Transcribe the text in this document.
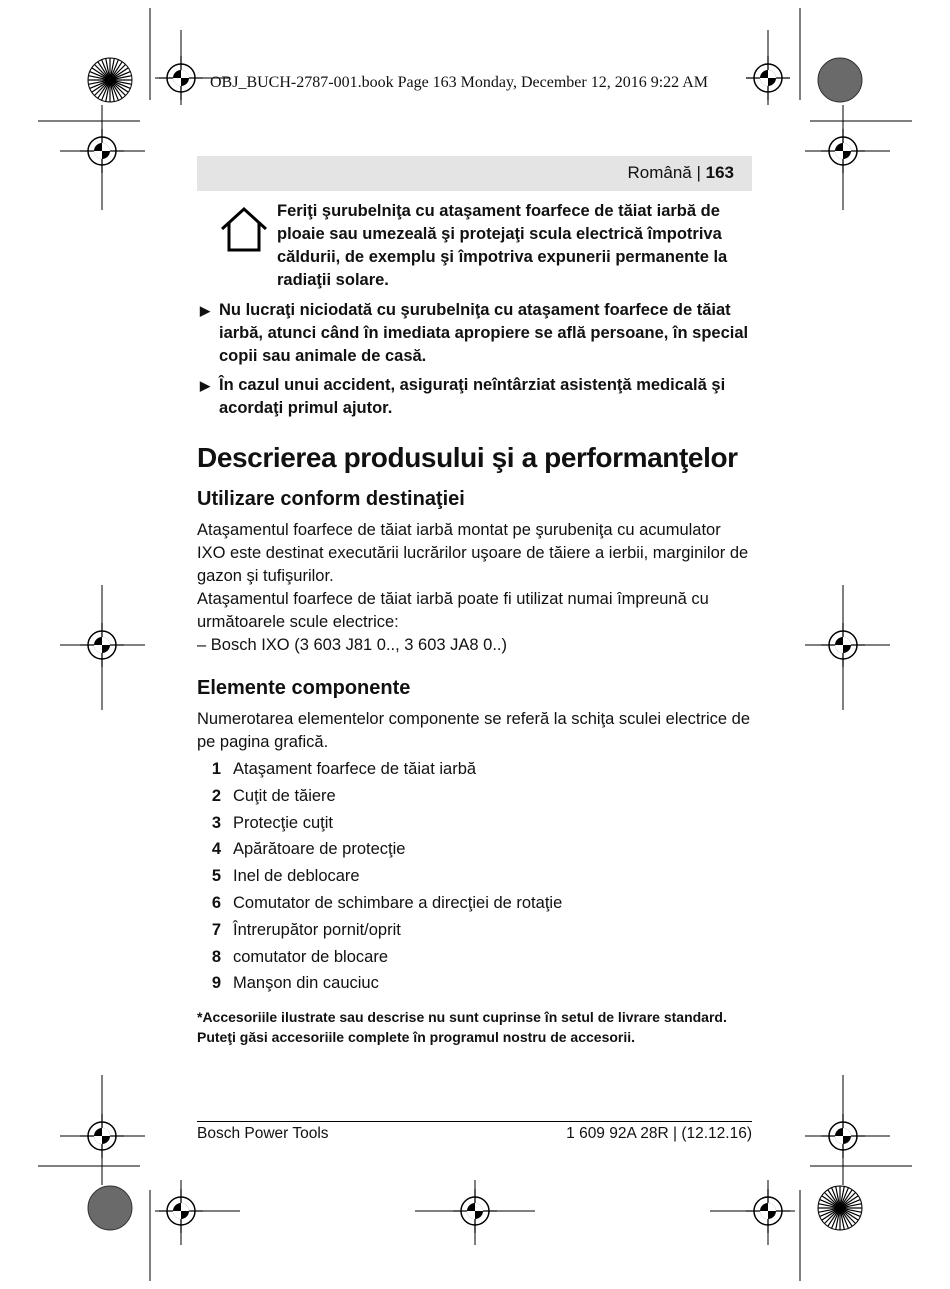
OBJ_BUCH-2787-001.book Page 163 Monday, December 12, 2016 9:22 AM
Română | 163
Feriţi şurubelniţa cu ataşament foarfece de tăiat iarbă de ploaie sau umezeală şi protejaţi scula electrică împotriva căldurii, de exemplu şi împotriva expunerii permanente la radiaţii solare.
▶ Nu lucraţi niciodată cu şurubelniţa cu ataşament foarfece de tăiat iarbă, atunci când în imediata apropiere se află persoane, în special copii sau animale de casă.
▶ În cazul unui accident, asiguraţi neîntârziat asistenţă medicală şi acordaţi primul ajutor.
Descrierea produsului şi a performanţelor
Utilizare conform destinaţiei

Ataşamentul foarfece de tăiat iarbă montat pe şurubeniţa cu acumulator IXO este destinat executării lucrărilor uşoare de tăiere a ierbii, marginilor de gazon şi tufişurilor.

Ataşamentul foarfece de tăiat iarbă poate fi utilizat numai împreună cu următoarele scule electrice:

– Bosch IXO (3 603 J81 0.., 3 603 JA8 0..)

Elemente componente

Numerotarea elementelor componente se referă la schiţa sculei electrice de pe pagina grafică.

1 Ataşament foarfece de tăiat iarbă
2 Cuţit de tăiere
3 Protecţie cuţit
4 Apărătoare de protecţie
5 Inel de deblocare
6 Comutator de schimbare a direcţiei de rotaţie
7 Întrerupător pornit/oprit
8 comutator de blocare
9 Manşon din cauciuc
*Accesoriile ilustrate sau descrise nu sunt cuprinse în setul de livrare standard.
Puteţi găsi accesoriile complete în programul nostru de accesorii.
Bosch Power Tools	1 609 92A 28R | (12.12.16)
